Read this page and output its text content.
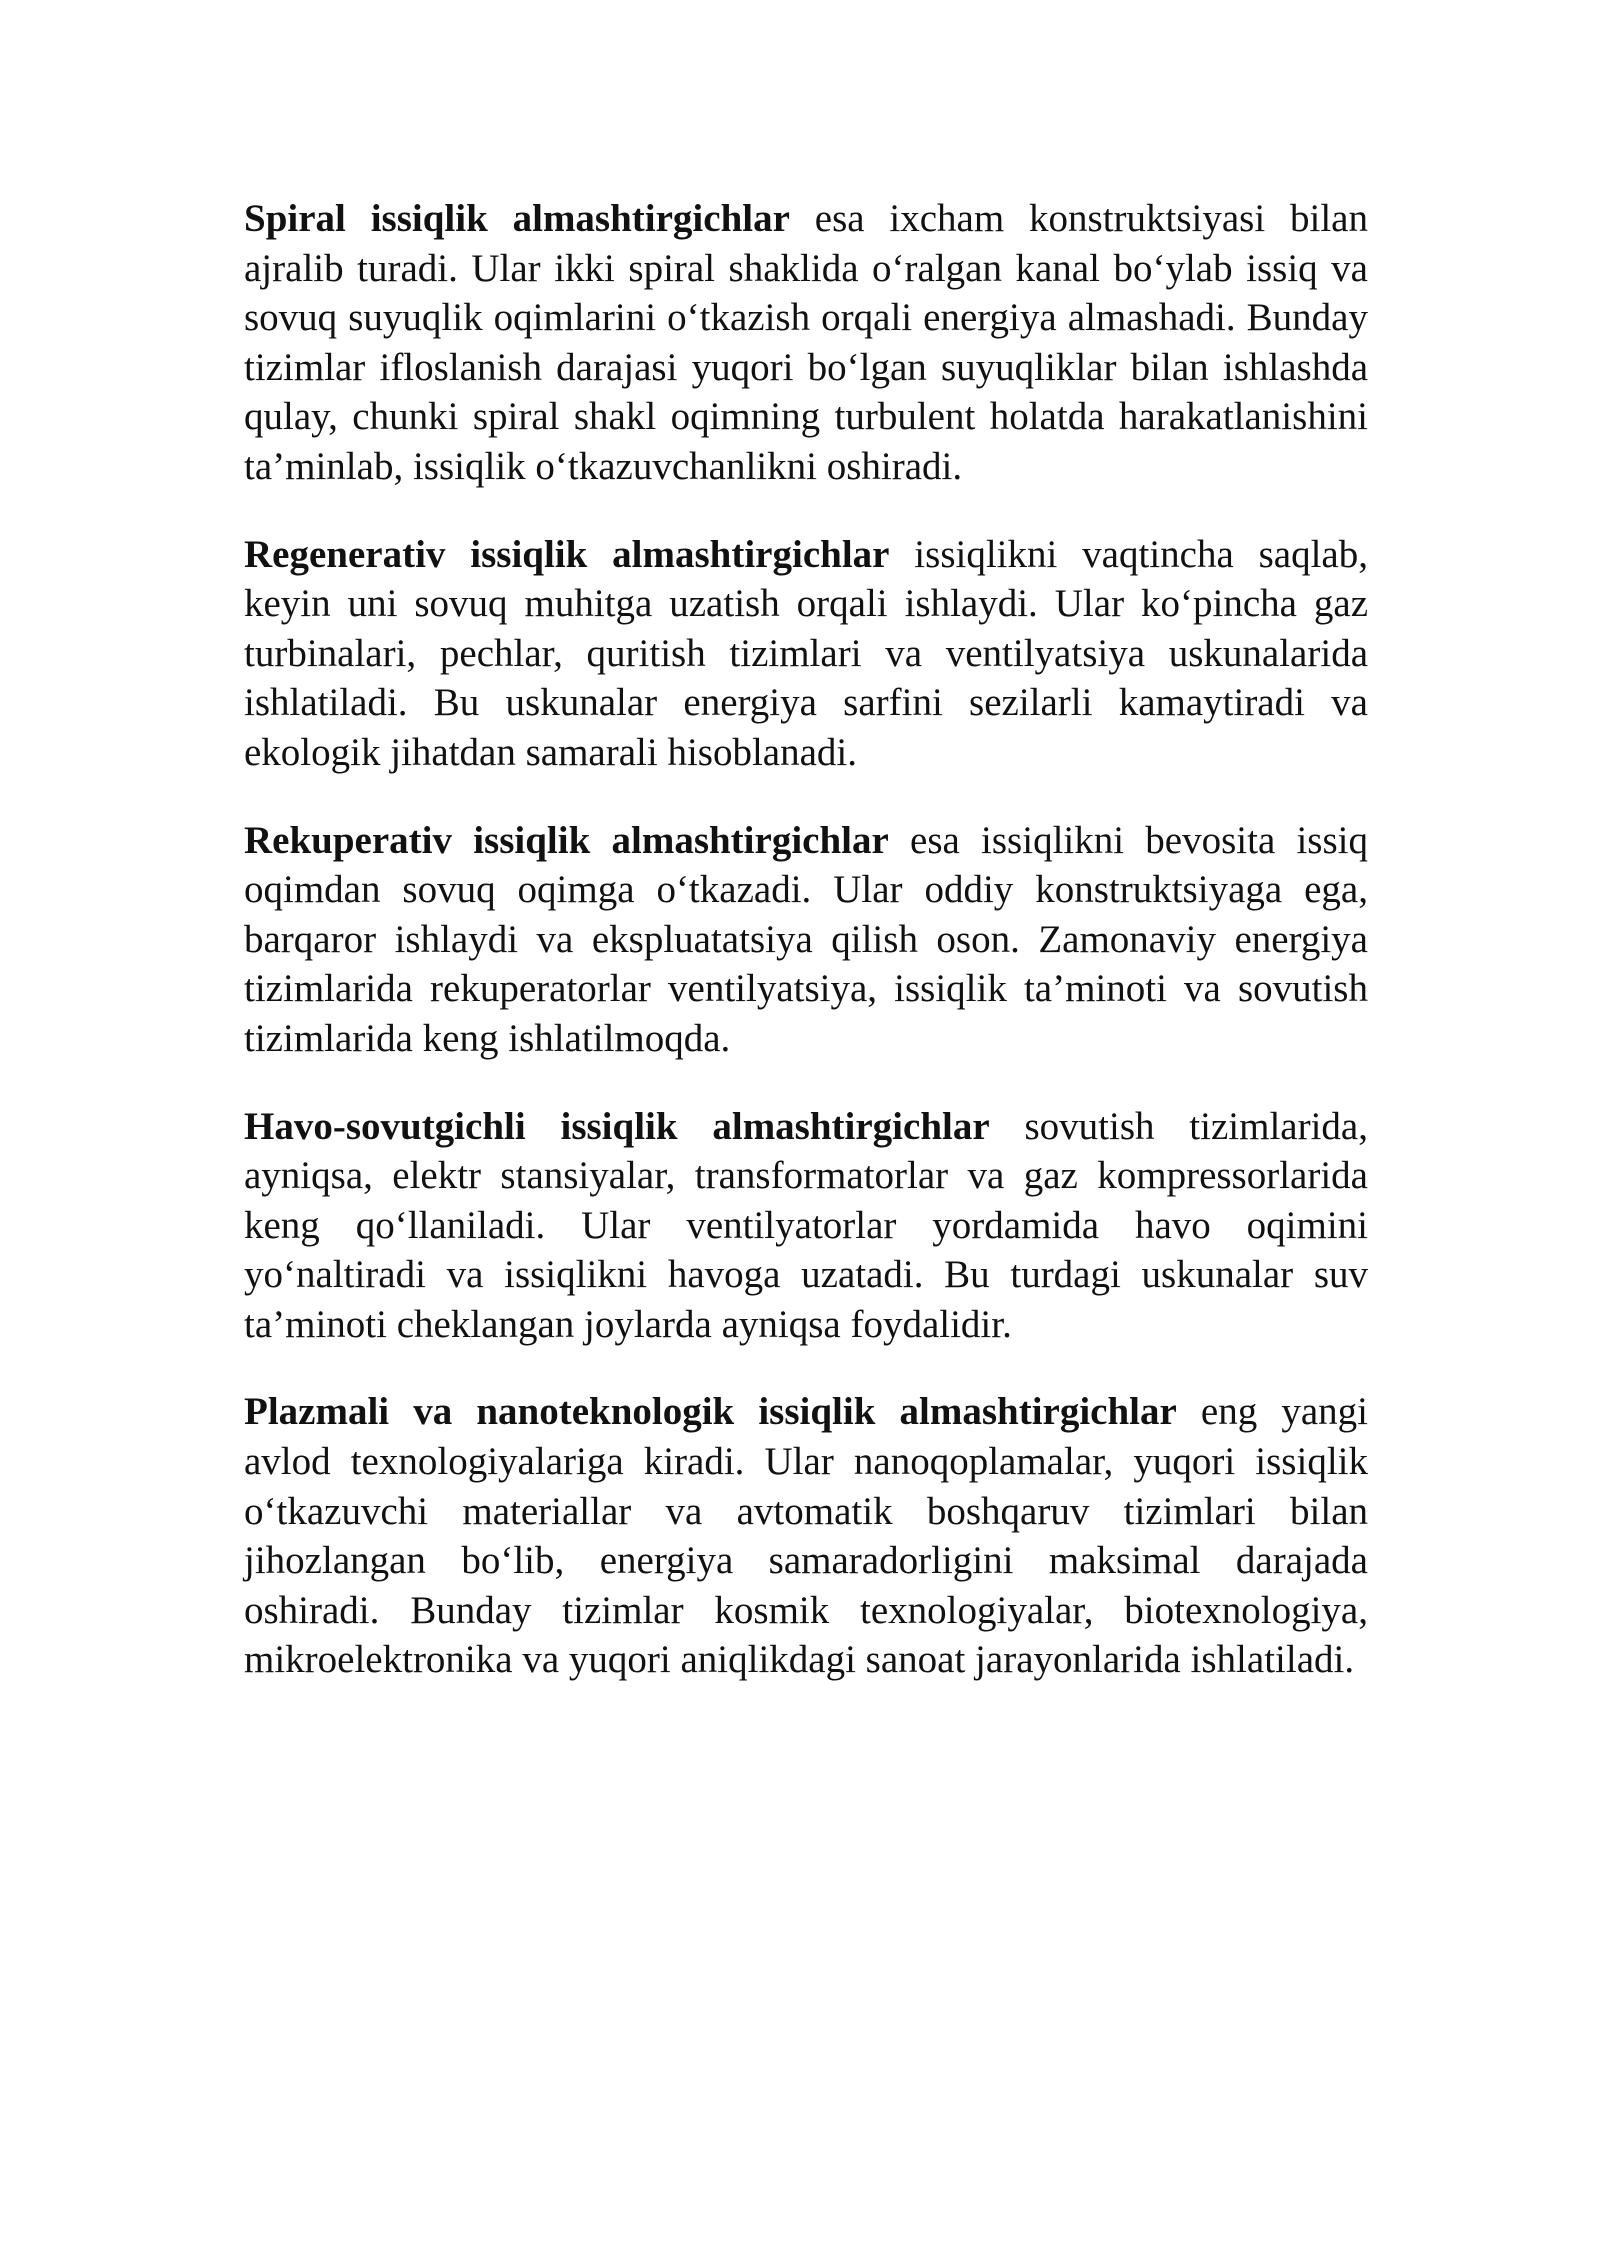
Spiral issiqlik almashtirgichlar esa ixcham konstruktsiyasi bilan ajralib turadi. Ular ikki spiral shaklida o‘ralgan kanal bo‘ylab issiq va sovuq suyuqlik oqimlarini o‘tkazish orqali energiya almashadi. Bunday tizimlar ifloslanish darajasi yuqori bo‘lgan suyuqliklar bilan ishlashda qulay, chunki spiral shakl oqimning turbulent holatda harakatlanishini ta’minlab, issiqlik o‘tkazuvchanlikni oshiradi.

Regenerativ issiqlik almashtirgichlar issiqlikni vaqtincha saqlab, keyin uni sovuq muhitga uzatish orqali ishlaydi. Ular ko‘pincha gaz turbinalari, pechlar, quritish tizimlari va ventilyatsiya uskunalarida ishlatiladi. Bu uskunalar energiya sarfini sezilarli kamaytiradi va ekologik jihatdan samarali hisoblanadi.

Rekuperativ issiqlik almashtirgichlar esa issiqlikni bevosita issiq oqimdan sovuq oqimga o‘tkazadi. Ular oddiy konstruktsiyaga ega, barqaror ishlaydi va ekspluatatsiya qilish oson. Zamonaviy energiya tizimlarida rekuperatorlar ventilyatsiya, issiqlik ta’minoti va sovutish tizimlarida keng ishlatilmoqda.

Havo-sovutgichli issiqlik almashtirgichlar sovutish tizimlarida, ayniqsa, elektr stansiyalar, transformatorlar va gaz kompressorlarida keng qo‘llaniladi. Ular ventilyatorlar yordamida havo oqimini yo‘naltiradi va issiqlikni havoga uzatadi. Bu turdagi uskunalar suv ta’minoti cheklangan joylarda ayniqsa foydalidir.

Plazmali va nanoteknologik issiqlik almashtirgichlar eng yangi avlod texnologiyalariga kiradi. Ular nanoqoplamalar, yuqori issiqlik o‘tkazuvchi materiallar va avtomatik boshqaruv tizimlari bilan jihozlangan bo‘lib, energiya samaradorligini maksimal darajada oshiradi. Bunday tizimlar kosmik texnologiyalar, biotexnologiya, mikroelektronika va yuqori aniqlikdagi sanoat jarayonlarida ishlatiladi.
